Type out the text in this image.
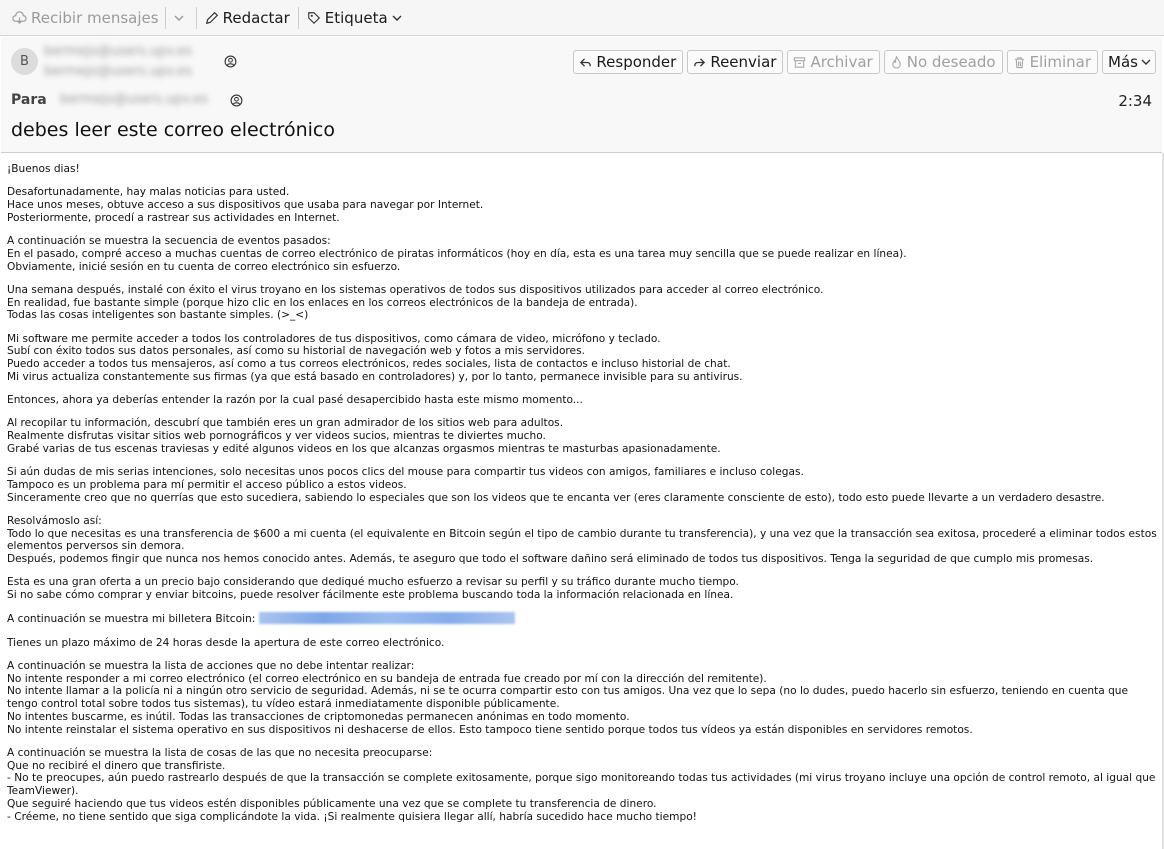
Recibir mensajes	Redactar Etiqueta
B
bermejo@users.upv.es
bermejo@users.upv.es
Responder Reenviar Archivar No deseado Eliminar Más
Para bermejo@users.upv.es	2:34
debes leer este correo electrónico

¡Buenos dias!

Desafortunadamente, hay malas noticias para usted.
Hace unos meses, obtuve acceso a sus dispositivos que usaba para navegar por Internet.
Posteriormente, procedí a rastrear sus actividades en Internet.

A continuación se muestra la secuencia de eventos pasados:
En el pasado, compré acceso a muchas cuentas de correo electrónico de piratas informáticos (hoy en día, esta es una tarea muy sencilla que se puede realizar en línea).
Obviamente, inicié sesión en tu cuenta de correo electrónico sin esfuerzo.

Una semana después, instalé con éxito el virus troyano en los sistemas operativos de todos sus dispositivos utilizados para acceder al correo electrónico.
En realidad, fue bastante simple (porque hizo clic en los enlaces en los correos electrónicos de la bandeja de entrada).
Todas las cosas inteligentes son bastante simples. (>_<)

Mi software me permite acceder a todos los controladores de tus dispositivos, como cámara de video, micrófono y teclado.
Subí con éxito todos sus datos personales, así como su historial de navegación web y fotos a mis servidores.
Puedo acceder a todos tus mensajeros, así como a tus correos electrónicos, redes sociales, lista de contactos e incluso historial de chat.
Mi virus actualiza constantemente sus firmas (ya que está basado en controladores) y, por lo tanto, permanece invisible para su antivirus.

Entonces, ahora ya deberías entender la razón por la cual pasé desapercibido hasta este mismo momento...

Al recopilar tu información, descubrí que también eres un gran admirador de los sitios web para adultos.
Realmente disfrutas visitar sitios web pornográficos y ver videos sucios, mientras te diviertes mucho.
Grabé varias de tus escenas traviesas y edité algunos videos en los que alcanzas orgasmos mientras te masturbas apasionadamente.

Si aún dudas de mis serias intenciones, solo necesitas unos pocos clics del mouse para compartir tus videos con amigos, familiares e incluso colegas.
Tampoco es un problema para mí permitir el acceso público a estos videos.
Sinceramente creo que no querrías que esto sucediera, sabiendo lo especiales que son los videos que te encanta ver (eres claramente consciente de esto), todo esto puede llevarte a un verdadero desastre.

Resolvámoslo así:
Todo lo que necesitas es una transferencia de $600 a mi cuenta (el equivalente en Bitcoin según el tipo de cambio durante tu transferencia), y una vez que la transacción sea exitosa, procederé a eliminar todos estos elementos perversos sin demora.
Después, podemos fingir que nunca nos hemos conocido antes. Además, te aseguro que todo el software dañino será eliminado de todos tus dispositivos. Tenga la seguridad de que cumplo mis promesas.

Esta es una gran oferta a un precio bajo considerando que dediqué mucho esfuerzo a revisar su perfil y su tráfico durante mucho tiempo.
Si no sabe cómo comprar y enviar bitcoins, puede resolver fácilmente este problema buscando toda la información relacionada en línea.

A continuación se muestra mi billetera Bitcoin:

Tienes un plazo máximo de 24 horas desde la apertura de este correo electrónico.

A continuación se muestra la lista de acciones que no debe intentar realizar:
No intente responder a mi correo electrónico (el correo electrónico en su bandeja de entrada fue creado por mí con la dirección del remitente).
No intente llamar a la policía ni a ningún otro servicio de seguridad. Además, ni se te ocurra compartir esto con tus amigos. Una vez que lo sepa (no lo dudes, puedo hacerlo sin esfuerzo, teniendo en cuenta que tengo control total sobre todos tus sistemas), tu vídeo estará inmediatamente disponible públicamente.
No intentes buscarme, es inútil. Todas las transacciones de criptomonedas permanecen anónimas en todo momento.
No intente reinstalar el sistema operativo en sus dispositivos ni deshacerse de ellos. Esto tampoco tiene sentido porque todos tus vídeos ya están disponibles en servidores remotos.

A continuación se muestra la lista de cosas de las que no necesita preocuparse:
Que no recibiré el dinero que transfiriste.
- No te preocupes, aún puedo rastrearlo después de que la transacción se complete exitosamente, porque sigo monitoreando todas tus actividades (mi virus troyano incluye una opción de control remoto, al igual que TeamViewer).
Que seguiré haciendo que tus videos estén disponibles públicamente una vez que se complete tu transferencia de dinero.
- Créeme, no tiene sentido que siga complicándote la vida. ¡Si realmente quisiera llegar allí, habría sucedido hace mucho tiempo!
